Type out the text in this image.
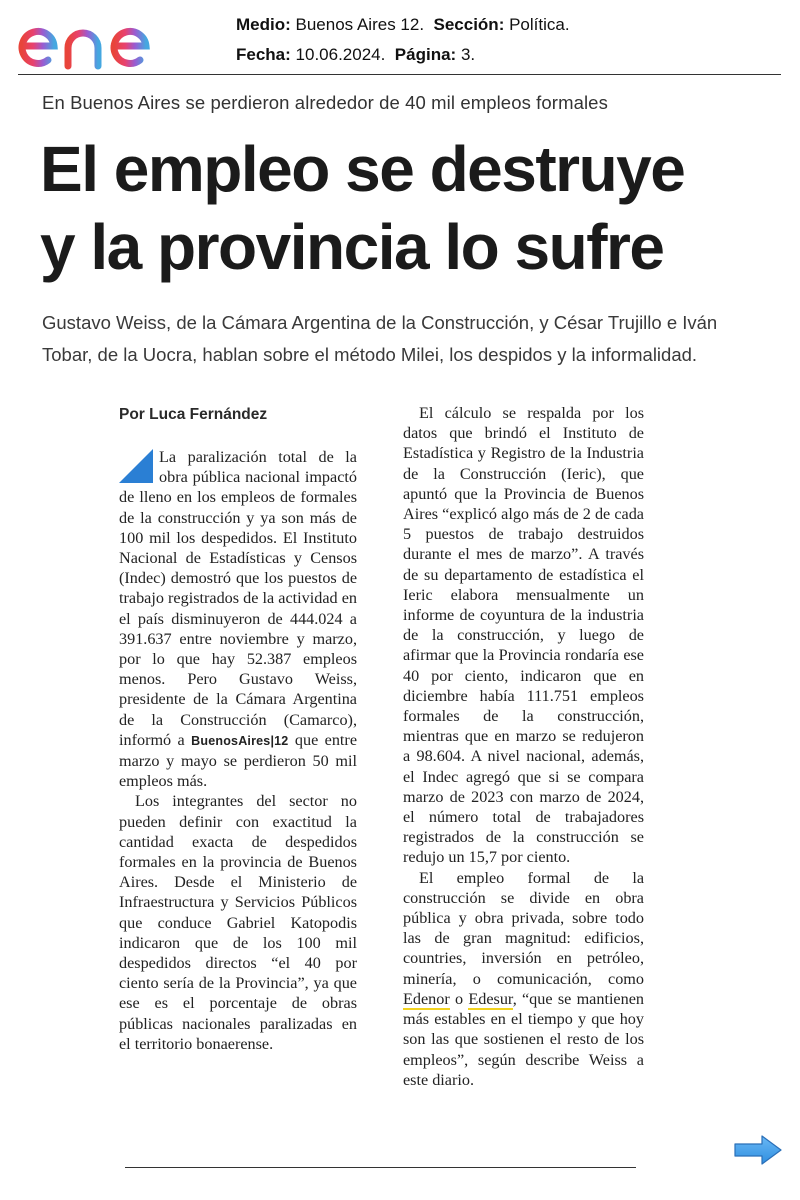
Medio: Buenos Aires 12. Sección: Política.
Fecha: 10.06.2024. Página: 3.
En Buenos Aires se perdieron alrededor de 40 mil empleos formales
El empleo se destruye
y la provincia lo sufre

Gustavo Weiss, de la Cámara Argentina de la Construcción, y César Trujillo e Iván Tobar, de la Uocra, hablan sobre el método Milei, los despidos y la informalidad.

Por Luca Fernández

La paralización total de la obra pública nacional impactó de lleno en los empleos de formales de la construcción y ya son más de 100 mil los despedidos. El Instituto Nacional de Estadísticas y Censos (Indec) demostró que los puestos de trabajo registrados de la actividad en el país disminuyeron de 444.024 a 391.637 entre noviembre y marzo, por lo que hay 52.387 empleos menos. Pero Gustavo Weiss, presidente de la Cámara Argentina de la Construcción (Camarco), informó a BuenosAires|12 que entre marzo y mayo se perdieron 50 mil empleos más.

Los integrantes del sector no pueden definir con exactitud la cantidad exacta de despedidos formales en la provincia de Buenos Aires. Desde el Ministerio de Infraestructura y Servicios Públicos que conduce Gabriel Katopodis indicaron que de los 100 mil despedidos directos “el 40 por ciento sería de la Provincia”, ya que ese es el porcentaje de obras públicas nacionales paralizadas en el territorio bonaerense.

El cálculo se respalda por los datos que brindó el Instituto de Estadística y Registro de la Industria de la Construcción (Ieric), que apuntó que la Provincia de Buenos Aires “explicó algo más de 2 de cada 5 puestos de trabajo destruidos durante el mes de marzo”. A través de su departamento de estadística el Ieric elabora mensualmente un informe de coyuntura de la industria de la construcción, y luego de afirmar que la Provincia rondaría ese 40 por ciento, indicaron que en diciembre había 111.751 empleos formales de la construcción, mientras que en marzo se redujeron a 98.604. A nivel nacional, además, el Indec agregó que si se compara marzo de 2023 con marzo de 2024, el número total de trabajadores registrados de la construcción se redujo un 15,7 por ciento.

El empleo formal de la construcción se divide en obra pública y obra privada, sobre todo las de gran magnitud: edificios, countries, inversión en petróleo, minería, o comunicación, como Edenor o Edesur, “que se mantienen más estables en el tiempo y que hoy son las que sostienen el resto de los empleos”, según describe Weiss a este diario.
